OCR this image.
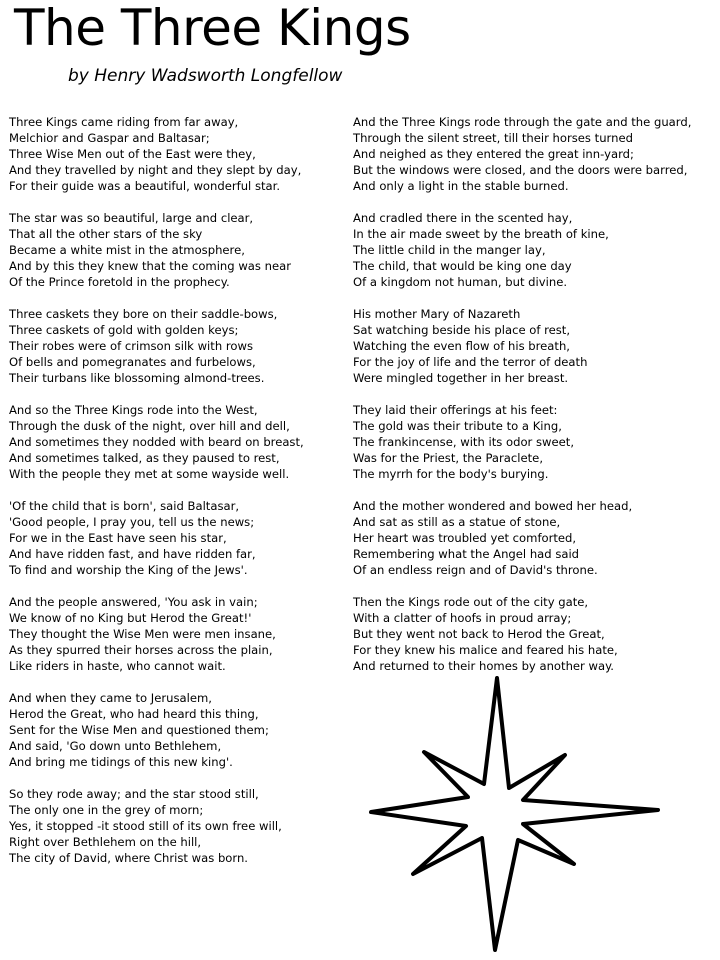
The Three Kings

by Henry Wadsworth Longfellow

Three Kings came riding from far away,
Melchior and Gaspar and Baltasar;
Three Wise Men out of the East were they,
And they travelled by night and they slept by day,
For their guide was a beautiful, wonderful star.
The star was so beautiful, large and clear,
That all the other stars of the sky
Became a white mist in the atmosphere,
And by this they knew that the coming was near
Of the Prince foretold in the prophecy.
Three caskets they bore on their saddle-bows,
Three caskets of gold with golden keys;
Their robes were of crimson silk with rows
Of bells and pomegranates and furbelows,
Their turbans like blossoming almond-trees.
And so the Three Kings rode into the West,
Through the dusk of the night, over hill and dell,
And sometimes they nodded with beard on breast,
And sometimes talked, as they paused to rest,
With the people they met at some wayside well.
'Of the child that is born', said Baltasar,
'Good people, I pray you, tell us the news;
For we in the East have seen his star,
And have ridden fast, and have ridden far,
To find and worship the King of the Jews'.
And the people answered, 'You ask in vain;
We know of no King but Herod the Great!'
They thought the Wise Men were men insane,
As they spurred their horses across the plain,
Like riders in haste, who cannot wait.
And when they came to Jerusalem,
Herod the Great, who had heard this thing,
Sent for the Wise Men and questioned them;
And said, 'Go down unto Bethlehem,
And bring me tidings of this new king'.
So they rode away; and the star stood still,
The only one in the grey of morn;
Yes, it stopped -it stood still of its own free will,
Right over Bethlehem on the hill,
The city of David, where Christ was born.
And the Three Kings rode through the gate and the guard,
Through the silent street, till their horses turned
And neighed as they entered the great inn-yard;
But the windows were closed, and the doors were barred,
And only a light in the stable burned.
And cradled there in the scented hay,
In the air made sweet by the breath of kine,
The little child in the manger lay,
The child, that would be king one day
Of a kingdom not human, but divine.
His mother Mary of Nazareth
Sat watching beside his place of rest,
Watching the even flow of his breath,
For the joy of life and the terror of death
Were mingled together in her breast.
They laid their offerings at his feet:
The gold was their tribute to a King,
The frankincense, with its odor sweet,
Was for the Priest, the Paraclete,
The myrrh for the body's burying.
And the mother wondered and bowed her head,
And sat as still as a statue of stone,
Her heart was troubled yet comforted,
Remembering what the Angel had said
Of an endless reign and of David's throne.
Then the Kings rode out of the city gate,
With a clatter of hoofs in proud array;
But they went not back to Herod the Great,
For they knew his malice and feared his hate,
And returned to their homes by another way.
